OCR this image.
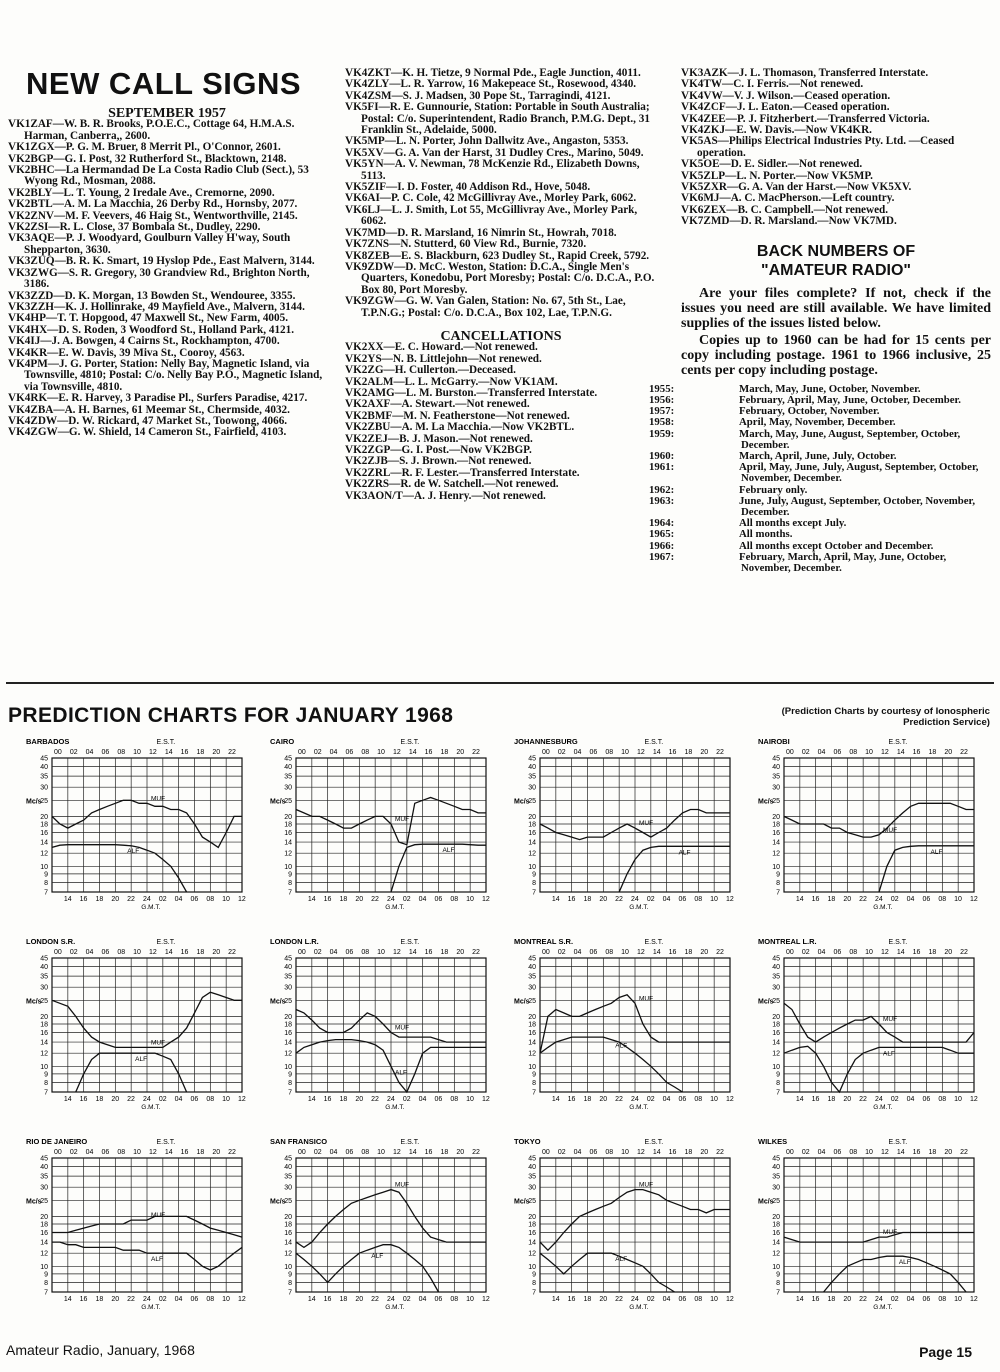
NEW CALL SIGNS

SEPTEMBER 1957

VK1ZAF—W. B. R. Brooks, P.O.E.C., Cottage 64, H.M.A.S. Harman, Canberra,, 2600.

VK1ZGX—P. G. M. Bruer, 8 Merrit Pl., O'Connor, 2601.

VK2BGP—G. I. Post, 32 Rutherford St., Blacktown, 2148.

VK2BHC—La Hermandad De La Costa Radio Club (Sect.), 53 Wyong Rd., Mosman, 2088.

VK2BLY—L. T. Young, 2 Iredale Ave., Cremorne, 2090.

VK2BTL—A. M. La Macchia, 26 Derby Rd., Hornsby, 2077.

VK2ZNV—M. F. Veevers, 46 Haig St., Wentworthville, 2145.

VK2ZSI—R. L. Close, 37 Bombala St., Dudley, 2290.

VK3AQE—P. J. Woodyard, Goulburn Valley H'way, South Shepparton, 3630.

VK3ZUQ—B. R. K. Smart, 19 Hyslop Pde., East Malvern, 3144.

VK3ZWG—S. R. Gregory, 30 Grandview Rd., Brighton North, 3186.

VK3ZZD—D. K. Morgan, 13 Bowden St., Wendouree, 3355.

VK3ZZH—K. J. Hollinrake, 49 Mayfield Ave., Malvern, 3144.

VK4HP—T. T. Hopgood, 47 Maxwell St., New Farm, 4005.

VK4HX—D. S. Roden, 3 Woodford St., Holland Park, 4121.

VK4IJ—J. A. Bowgen, 4 Cairns St., Rockhampton, 4700.

VK4KR—E. W. Davis, 39 Miva St., Cooroy, 4563.

VK4PM—J. G. Porter, Station: Nelly Bay, Magnetic Island, via Townsville, 4810; Postal: C/o. Nelly Bay P.O., Magnetic Island, via Townsville, 4810.

VK4RK—E. R. Harvey, 3 Paradise Pl., Surfers Paradise, 4217.

VK4ZBA—A. H. Barnes, 61 Meemar St., Chermside, 4032.

VK4ZDW—D. W. Rickard, 47 Market St., Toowong, 4066.

VK4ZGW—G. W. Shield, 14 Cameron St., Fairfield, 4103.

VK4ZKT—K. H. Tietze, 9 Normal Pde., Eagle Junction, 4011.

VK4ZLY—L. R. Yarrow, 16 Makepeace St., Rosewood, 4340.

VK4ZSM—S. J. Madsen, 30 Pope St., Tarragindi, 4121.

VK5FI—R. E. Gunnourie, Station: Portable in South Australia; Postal: C/o. Superintendent, Radio Branch, P.M.G. Dept., 31 Franklin St., Adelaide, 5000.

VK5MP—L. N. Porter, John Dallwitz Ave., Angaston, 5353.

VK5XV—G. A. Van der Harst, 31 Dudley Cres., Marino, 5049.

VK5YN—A. V. Newman, 78 McKenzie Rd., Elizabeth Downs, 5113.

VK5ZIF—I. D. Foster, 40 Addison Rd., Hove, 5048.

VK6AI—P. C. Cole, 42 McGillivray Ave., Morley Park, 6062.

VK6LJ—L. J. Smith, Lot 55, McGillivray Ave., Morley Park, 6062.

VK7MD—D. R. Marsland, 16 Nimrin St., Howrah, 7018.

VK7ZNS—N. Stutterd, 60 View Rd., Burnie, 7320.

VK8ZEB—E. S. Blackburn, 623 Dudley St., Rapid Creek, 5792.

VK9ZDW—D. McC. Weston, Station: D.C.A., Single Men's Quarters, Konedobu, Port Moresby; Postal: C/o. D.C.A., P.O. Box 80, Port Moresby.

VK9ZGW—G. W. Van Galen, Station: No. 67, 5th St., Lae, T.P.N.G.; Postal: C/o. D.C.A., Box 102, Lae, T.P.N.G.

CANCELLATIONS

VK2XX—E. C. Howard.—Not renewed.

VK2YS—N. B. Littlejohn—Not renewed.

VK2ZG—H. Cullerton.—Deceased.

VK2ALM—L. L. McGarry.—Now VK1AM.

VK2AMG—L. M. Burston.—Transferred Interstate.

VK2AXF—A. Stewart.—Not renewed.

VK2BMF—M. N. Featherstone—Not renewed.

VK2ZBU—A. M. La Macchia.—Now VK2BTL.

VK2ZEJ—B. J. Mason.—Not renewed.

VK2ZGP—G. I. Post.—Now VK2BGP.

VK2ZJB—S. J. Brown.—Not renewed.

VK2ZRL—R. F. Lester.—Transferred Interstate.

VK2ZRS—R. de W. Satchell.—Not renewed.

VK3AON/T—A. J. Henry.—Not renewed.

VK3AZK—J. L. Thomason, Transferred Interstate.

VK4TW—C. I. Ferris.—Not renewed.

VK4VW—V. J. Wilson.—Ceased operation.

VK4ZCF—J. L. Eaton.—Ceased operation.

VK4ZEE—P. J. Fitzherbert.—Transferred Victoria.

VK4ZKJ—E. W. Davis.—Now VK4KR.

VK5AS—Philips Electrical Industries Pty. Ltd. —Ceased operation.

VK5OE—D. E. Sidler.—Not renewed.

VK5ZLP—L. N. Porter.—Now VK5MP.

VK5ZXR—G. A. Van der Harst.—Now VK5XV.

VK6MJ—A. C. MacPherson.—Left country.

VK6ZEX—B. C. Campbell.—Not renewed.

VK7ZMD—D. R. Marsland.—Now VK7MD.

BACK NUMBERS OF
"AMATEUR RADIO"

Are your files complete? If not, check if the issues you need are still available. We have limited supplies of the issues listed below.

Copies up to 1960 can be had for 15 cents per copy including postage. 1961 to 1966 inclusive, 25 cents per copy including postage.

1955:	March, May, June, October, November.

1956:	February, April, May, June, October, December.

1957:	February, October, November.

1958:	April, May, November, December.

1959:	March, May, June, August, September, October, December.

1960:	March, April, June, July, October.

1961:	April, May, June, July, August, September, October, November, December.

1962:	February only.

1963:	June, July, August, September, October, November, December.

1964:	All months except July.

1965:	All months.

1966:	All months except October and December.

1967:	February, March, April, May, June, October, November, December.

PREDICTION CHARTS FOR JANUARY 1968	(Prediction Charts by courtesy of Ionospheric Prediction Service)
BARBADOS	E.S.T.
00 02 04 06 08 10 12 14 16 18 20 22
7
8
9
10
12
14
16
18
20
25
30
35
40
45
Mc/s
14 16 18 20 22 24 02 04 06 08 10 12
G.M.T.
MUF
ALF
CAIRO	E.S.T.
00 02 04 06 08 10 12 14 16 18 20 22
7
8
9
10
12
14
16
18
20
25
30
35
40
45
Mc/s
14 16 18 20 22 24 02 04 06 08 10 12
G.M.T.
MUF
ALF
JOHANNESBURG	E.S.T.
00 02 04 06 08 10 12 14 16 18 20 22
7
8
9
10
12
14
16
18
20
25
30
35
40
45
Mc/s
14 16 18 20 22 24 02 04 06 08 10 12
G.M.T.
MUF
ALF
NAIROBI	E.S.T.
00 02 04 06 08 10 12 14 16 18 20 22
7
8
9
10
12
14
16
18
20
25
30
35
40
45
Mc/s
14 16 18 20 22 24 02 04 06 08 10 12
G.M.T.
MUF
ALF
LONDON S.R.	E.S.T.
00 02 04 06 08 10 12 14 16 18 20 22
7
8
9
10
12
14
16
18
20
25
30
35
40
45
Mc/s
14 16 18 20 22 24 02 04 06 08 10 12
G.M.T.
MUF
ALF
LONDON L.R.	E.S.T.
00 02 04 06 08 10 12 14 16 18 20 22
7
8
9
10
12
14
16
18
20
25
30
35
40
45
Mc/s
14 16 18 20 22 24 02 04 06 08 10 12
G.M.T.
MUF
ALF
MONTREAL S.R.	E.S.T.
00 02 04 06 08 10 12 14 16 18 20 22
7
8
9
10
12
14
16
18
20
25
30
35
40
45
Mc/s
14 16 18 20 22 24 02 04 06 08 10 12
G.M.T.
MUF
ALF
MONTREAL L.R.	E.S.T.
00 02 04 06 08 10 12 14 16 18 20 22
7
8
9
10
12
14
16
18
20
25
30
35
40
45
Mc/s
14 16 18 20 22 24 02 04 06 08 10 12
G.M.T.
MUF
ALF
RIO DE JANEIRO	E.S.T.
00 02 04 06 08 10 12 14 16 18 20 22
7
8
9
10
12
14
16
18
20
25
30
35
40
45
Mc/s
14 16 18 20 22 24 02 04 06 08 10 12
G.M.T.
MUF
ALF
SAN FRANSICO	E.S.T.
00 02 04 06 08 10 12 14 16 18 20 22
7
8
9
10
12
14
16
18
20
25
30
35
40
45
Mc/s
14 16 18 20 22 24 02 04 06 08 10 12
G.M.T.
MUF
ALF
TOKYO	E.S.T.
00 02 04 06 08 10 12 14 16 18 20 22
7
8
9
10
12
14
16
18
20
25
30
35
40
45
Mc/s
14 16 18 20 22 24 02 04 06 08 10 12
G.M.T.
MUF
ALF
WILKES	E.S.T.
00 02 04 06 08 10 12 14 16 18 20 22
7
8
9
10
12
14
16
18
20
25
30
35
40
45
Mc/s
14 16 18 20 22 24 02 04 06 08 10 12
G.M.T.
MUF
ALF
Amateur Radio, January, 1968	Page 15
